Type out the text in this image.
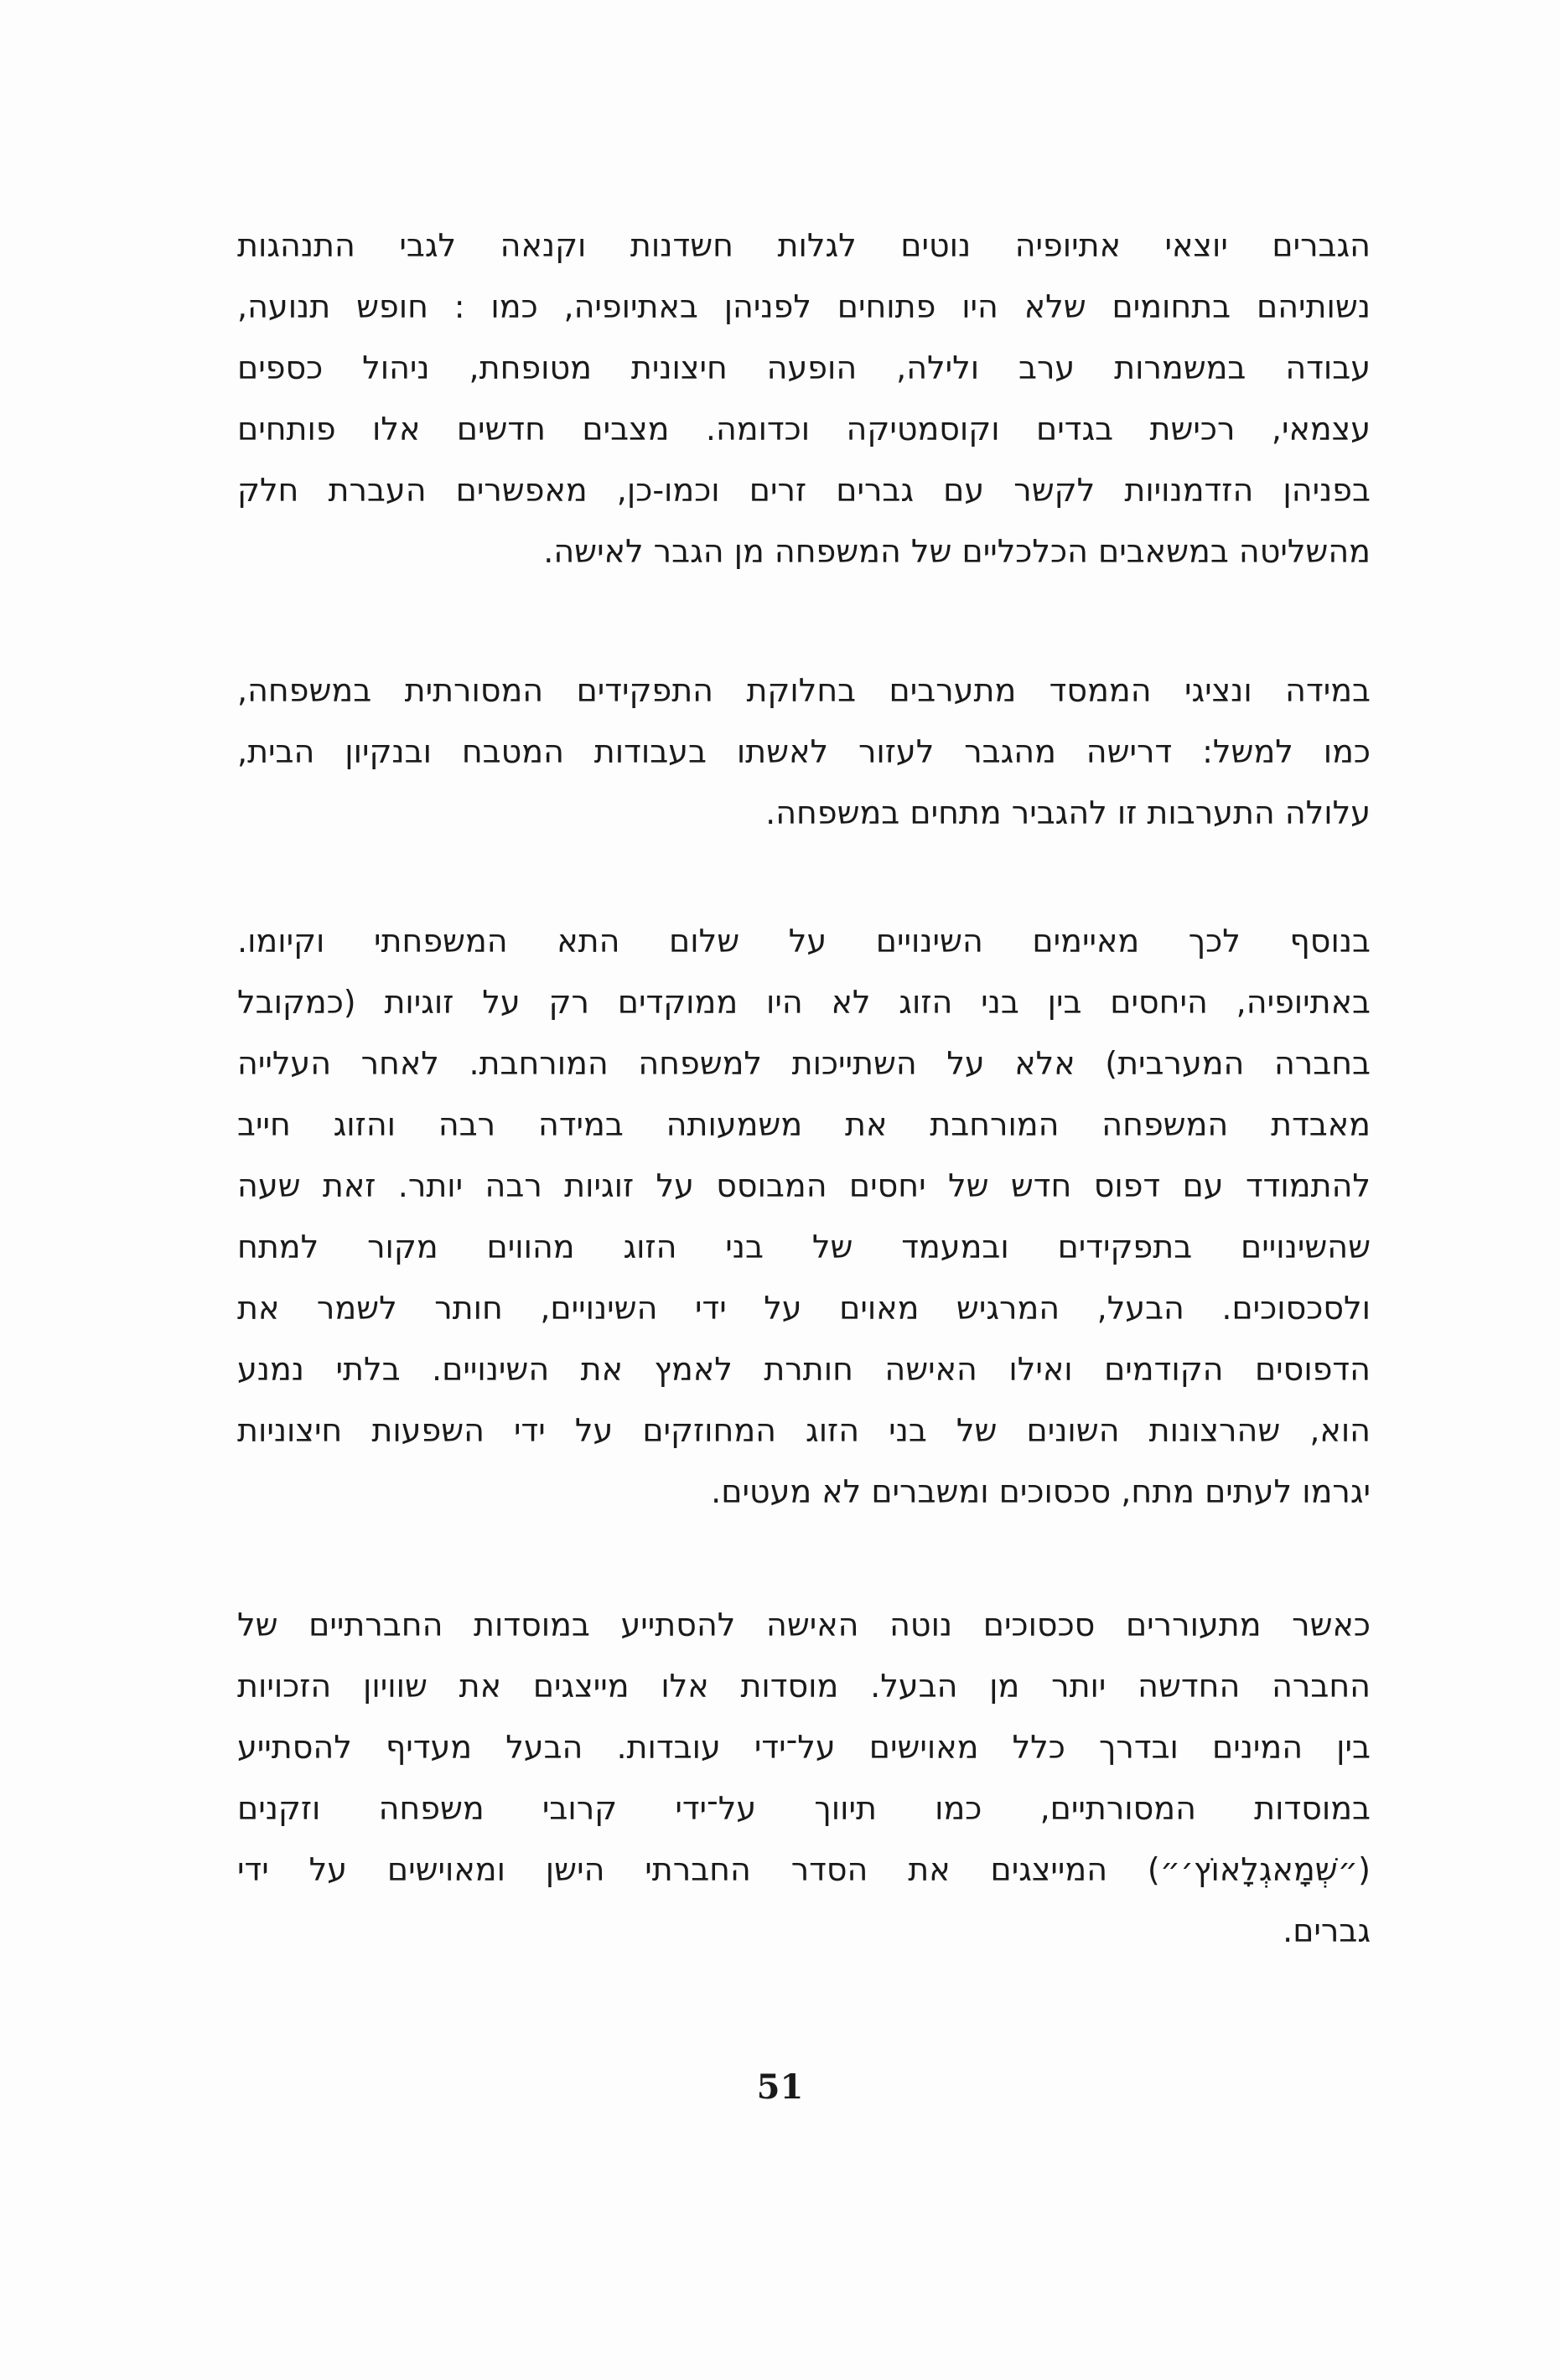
הגברים יוצאי אתיופיה נוטים לגלות חשדנות וקנאה לגבי התנהגות
נשותיהם בתחומים שלא היו פתוחים לפניהן באתיופיה, כמו : חופש תנועה,
עבודה במשמרות ערב ולילה, הופעה חיצונית מטופחת, ניהול כספים
עצמאי, רכישת בגדים וקוסמטיקה וכדומה. מצבים חדשים אלו פותחים
בפניהן הזדמנויות לקשר עם גברים זרים וכמו-כן, מאפשרים העברת חלק
מהשליטה במשאבים הכלכליים של המשפחה מן הגבר לאישה.
במידה ונציגי הממסד מתערבים בחלוקת התפקידים המסורתית במשפחה,
כמו למשל: דרישה מהגבר לעזור לאשתו בעבודות המטבח ובנקיון הבית,
עלולה התערבות זו להגביר מתחים במשפחה.
בנוסף לכך מאיימים השינויים על שלום התא המשפחתי וקיומו.
באתיופיה, היחסים בין בני הזוג לא היו ממוקדים רק על זוגיות (כמקובל
בחברה המערבית) אלא על השתייכות למשפחה המורחבת. לאחר העלייה
מאבדת המשפחה המורחבת את משמעותה במידה רבה והזוג חייב
להתמודד עם דפוס חדש של יחסים המבוסס על זוגיות רבה יותר. זאת שעה
שהשינויים בתפקידים ובמעמד של בני הזוג מהווים מקור למתח
ולסכסוכים. הבעל, המרגיש מאוים על ידי השינויים, חותר לשמר את
הדפוסים הקודמים ואילו האישה חותרת לאמץ את השינויים. בלתי נמנע
הוא, שהרצונות השונים של בני הזוג המחוזקים על ידי השפעות חיצוניות
יגרמו לעתים מתח, סכסוכים ומשברים לא מעטים.
כאשר מתעוררים סכסוכים נוטה האישה להסתייע במוסדות החברתיים של
החברה החדשה יותר מן הבעל. מוסדות אלו מייצגים את שוויון הזכויות
בין המינים ובדרך כלל מאוישים על־ידי עובדות. הבעל מעדיף להסתייע
במוסדות המסורתיים, כמו תיווך על־ידי קרובי משפחה וזקנים
(״שְׁמָאגְלָאוֹץ׳״) המייצגים את הסדר החברתי הישן ומאוישים על ידי
גברים.
51
